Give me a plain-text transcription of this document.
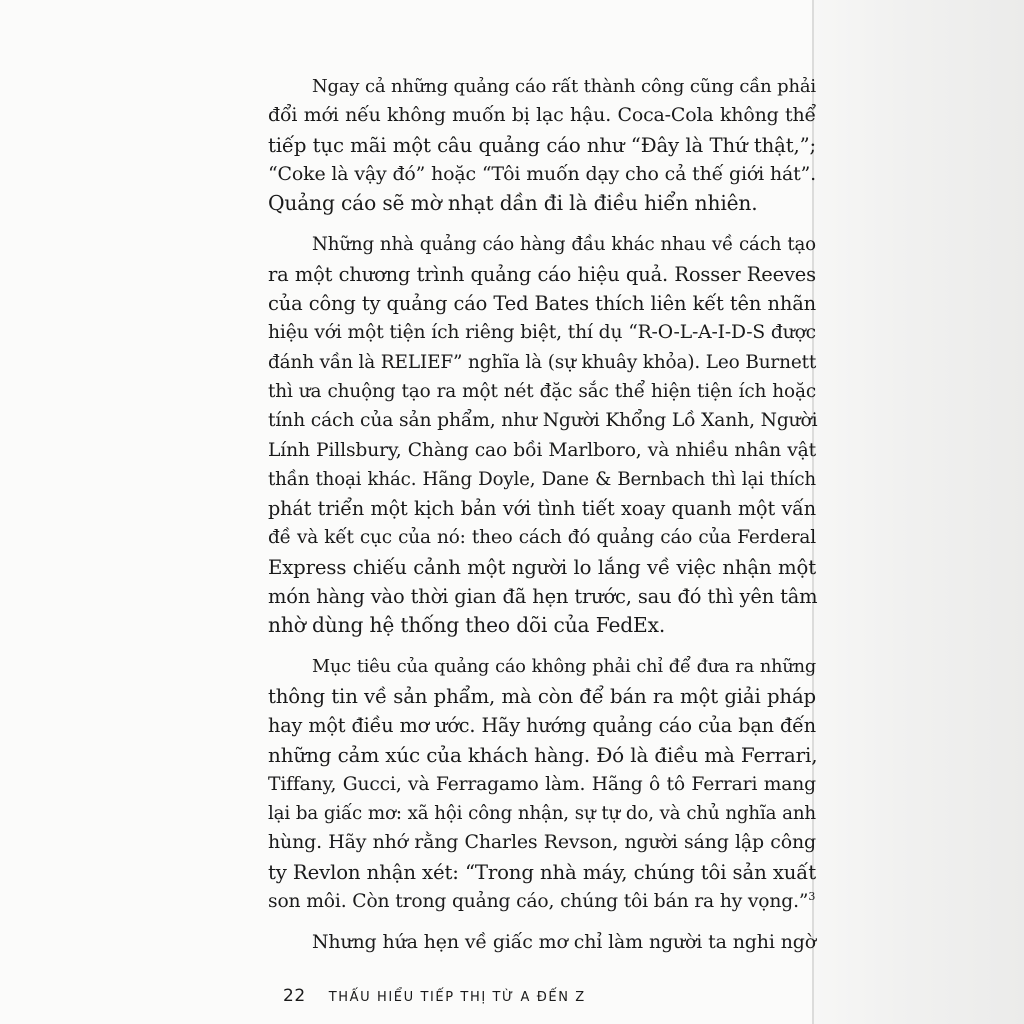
Ngay cả những quảng cáo rất thành công cũng cần phải
đổi mới nếu không muốn bị lạc hậu. Coca-Cola không thể
tiếp tục mãi một câu quảng cáo như “Đây là Thứ thật,”;
“Coke là vậy đó” hoặc “Tôi muốn dạy cho cả thế giới hát”.
Quảng cáo sẽ mờ nhạt dần đi là điều hiển nhiên.

Những nhà quảng cáo hàng đầu khác nhau về cách tạo
ra một chương trình quảng cáo hiệu quả. Rosser Reeves
của công ty quảng cáo Ted Bates thích liên kết tên nhãn
hiệu với một tiện ích riêng biệt, thí dụ “R-O-L-A-I-D-S được
đánh vần là RELIEF” nghĩa là (sự khuây khỏa). Leo Burnett
thì ưa chuộng tạo ra một nét đặc sắc thể hiện tiện ích hoặc
tính cách của sản phẩm, như Người Khổng Lồ Xanh, Người
Lính Pillsbury, Chàng cao bồi Marlboro, và nhiều nhân vật
thần thoại khác. Hãng Doyle, Dane & Bernbach thì lại thích
phát triển một kịch bản với tình tiết xoay quanh một vấn
đề và kết cục của nó: theo cách đó quảng cáo của Ferderal
Express chiếu cảnh một người lo lắng về việc nhận một
món hàng vào thời gian đã hẹn trước, sau đó thì yên tâm
nhờ dùng hệ thống theo dõi của FedEx.

Mục tiêu của quảng cáo không phải chỉ để đưa ra những
thông tin về sản phẩm, mà còn để bán ra một giải pháp
hay một điều mơ ước. Hãy hướng quảng cáo của bạn đến
những cảm xúc của khách hàng. Đó là điều mà Ferrari,
Tiffany, Gucci, và Ferragamo làm. Hãng ô tô Ferrari mang
lại ba giấc mơ: xã hội công nhận, sự tự do, và chủ nghĩa anh
hùng. Hãy nhớ rằng Charles Revson, người sáng lập công
ty Revlon nhận xét: “Trong nhà máy, chúng tôi sản xuất
son môi. Còn trong quảng cáo, chúng tôi bán ra hy vọng.”$^3$

Nhưng hứa hẹn về giấc mơ chỉ làm người ta nghi ngờ

22 THẤU HIỂU TIẾP THỊ TỪ A ĐẾN Z
